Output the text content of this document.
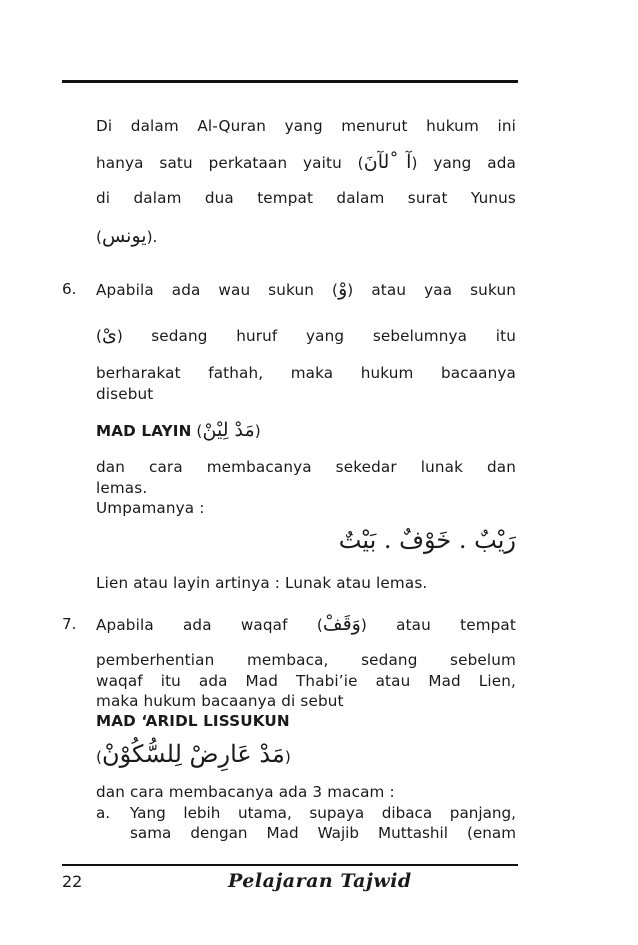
Di dalam Al-Quran yang menurut hukum ini
hanya satu perkataan yaitu (آ ْلآنَ) yang ada
di dalam dua tempat dalam surat Yunus
(يونس).
6. Apabila ada wau sukun (وْ) atau yaa sukun
(ىْ) sedang huruf yang sebelumnya itu
berharakat fathah, maka hukum bacaanya
disebut
MAD LAYIN (مَدْ لِيْنْ)
dan cara membacanya sekedar lunak dan
lemas.
Umpamanya :
رَيْبٌ . خَوْفٌ . بَيْتٌ
Lien atau layin artinya : Lunak atau lemas.
7. Apabila ada waqaf (وَقَفْ) atau tempat
pemberhentian membaca, sedang sebelum
waqaf itu ada Mad Thabi’ie atau Mad Lien,
maka hukum bacaanya di sebut
MAD ‘ARIDL LISSUKUN
(مَدْ عَارِضْ لِلسُّكُوْنْ)
dan cara membacanya ada 3 macam :
a. Yang lebih utama, supaya dibaca panjang,
sama dengan Mad Wajib Muttashil (enam
22	Pelajaran Tajwid
